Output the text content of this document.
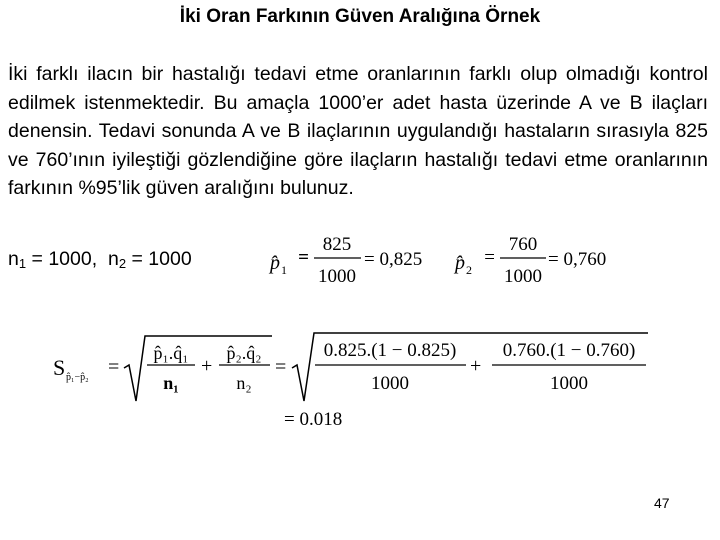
İki Oran Farkının Güven Aralığına Örnek
İki farklı ilacın bir hastalığı tedavi etme oranlarının farklı olup olmadığı kontrol edilmek istenmektedir. Bu amaçla 1000’er adet hasta üzerinde A ve B ilaçları denensin. Tedavi sonunda A ve B ilaçlarının uygulandığı hastaların sırasıyla 825 ve 760’ının iyileştiği gözlendiğine göre ilaçların hastalığı tedavi etme oranlarının farkının %95’lik güven aralığını bulunuz.
$n_1 = 1000$, $n_2 = 1000$	p̂ 1
=
825
1000
= 0,825 p̂ 2
=
760
1000
= 0,760
S p̂₁−p̂₂ =
p̂₁.q̂₁
n₁
+
p̂₂.q̂₂
n₂
=
0.825.(1 − 0.825)
1000
+
0.760.(1 − 0.760)
1000
= 0.018
47
